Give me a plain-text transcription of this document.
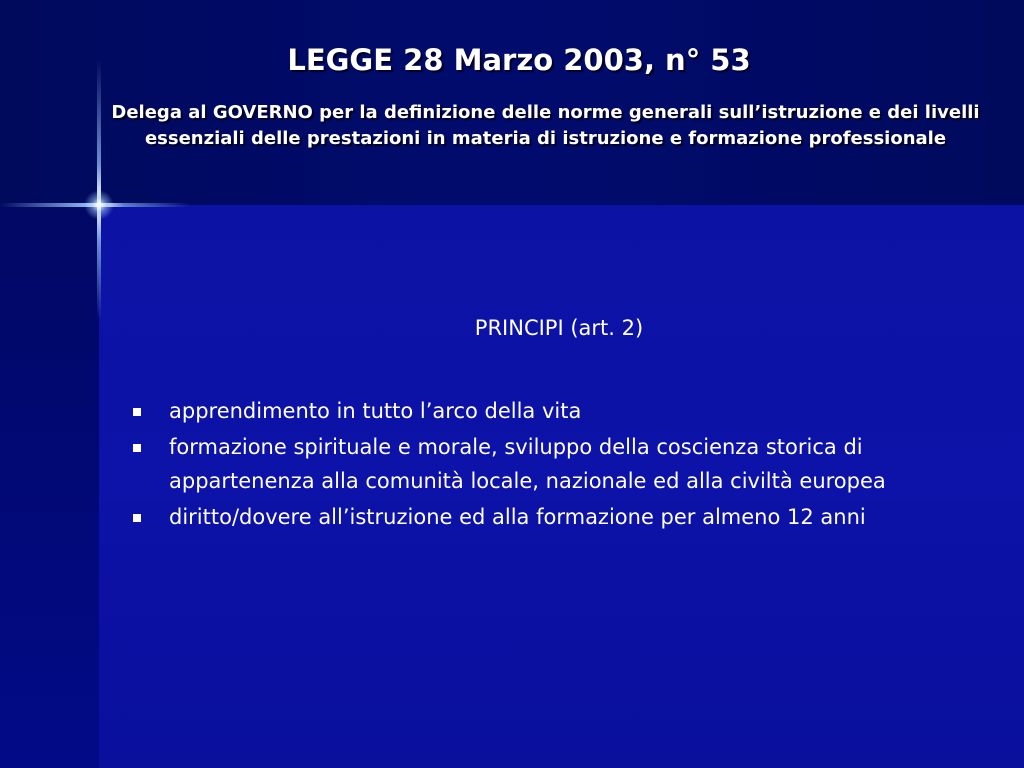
LEGGE 28 Marzo 2003, n° 53
Delega al GOVERNO per la definizione delle norme generali sull’istruzione e dei livelli essenziali delle prestazioni in materia di istruzione e formazione professionale
PRINCIPI (art. 2)
apprendimento in tutto l’arco della vita
formazione spirituale e morale, sviluppo della coscienza storica di appartenenza alla comunità locale, nazionale ed alla civiltà europea
diritto/dovere all’istruzione ed alla formazione per almeno 12 anni
